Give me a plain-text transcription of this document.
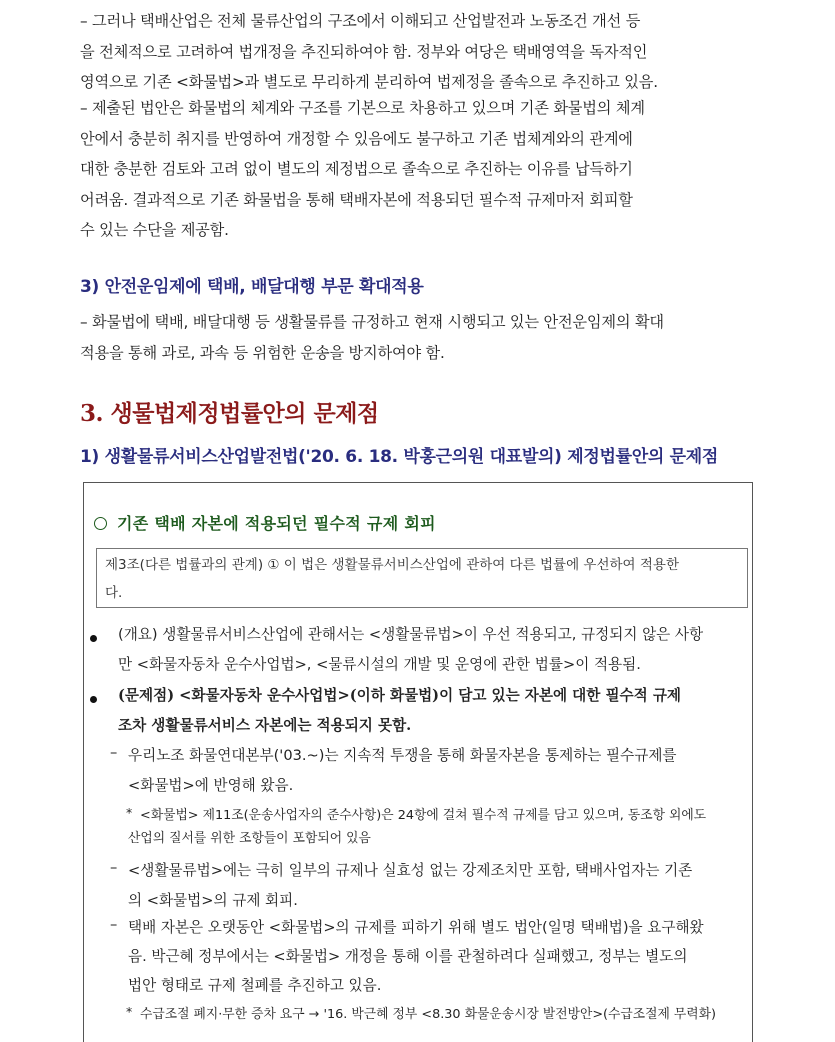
– 그러나 택배산업은 전체 물류산업의 구조에서 이해되고 산업발전과 노동조건 개선 등
을 전체적으로 고려하여 법개정을 추진되하여야 함. 정부와 여당은 택배영역을 독자적인
영역으로 기존 <화물법>과 별도로 무리하게 분리하여 법제정을 졸속으로 추진하고 있음.
– 제출된 법안은 화물법의 체계와 구조를 기본으로 차용하고 있으며 기존 화물법의 체계
안에서 충분히 취지를 반영하여 개정할 수 있음에도 불구하고 기존 법체계와의 관계에
대한 충분한 검토와 고려 없이 별도의 제정법으로 졸속으로 추진하는 이유를 납득하기
어려움. 결과적으로 기존 화물법을 통해 택배자본에 적용되던 필수적 규제마저 회피할
수 있는 수단을 제공함.
3) 안전운임제에 택배, 배달대행 부문 확대적용
– 화물법에 택배, 배달대행 등 생활물류를 규정하고 현재 시행되고 있는 안전운임제의 확대
적용을 통해 과로, 과속 등 위험한 운송을 방지하여야 함.
3. 생물법제정법률안의 문제점
1) 생활물류서비스산업발전법('20. 6. 18. 박홍근의원 대표발의) 제정법률안의 문제점
기존 택배 자본에 적용되던 필수적 규제 회피
제3조(다른 법률과의 관계) ① 이 법은 생활물류서비스산업에 관하여 다른 법률에 우선하여 적용한
다.
(개요) 생활물류서비스산업에 관해서는 <생활물류법>이 우선 적용되고, 규정되지 않은 사항
만 <화물자동차 운수사업법>, <물류시설의 개발 및 운영에 관한 법률>이 적용됨.
(문제점) <화물자동차 운수사업법>(이하 화물법)이 담고 있는 자본에 대한 필수적 규제
조차 생활물류서비스 자본에는 적용되지 못함.
– 우리노조 화물연대본부('03.~)는 지속적 투쟁을 통해 화물자본을 통제하는 필수규제를
<화물법>에 반영해 왔음.
* <화물법> 제11조(운송사업자의 준수사항)은 24항에 걸쳐 필수적 규제를 담고 있으며, 동조항 외에도
산업의 질서를 위한 조항들이 포함되어 있음
– <생활물류법>에는 극히 일부의 규제나 실효성 없는 강제조치만 포함, 택배사업자는 기존
의 <화물법>의 규제 회피.
– 택배 자본은 오랫동안 <화물법>의 규제를 피하기 위해 별도 법안(일명 택배법)을 요구해왔
음. 박근혜 정부에서는 <화물법> 개정을 통해 이를 관철하려다 실패했고, 정부는 별도의
법안 형태로 규제 철폐를 추진하고 있음.
* 수급조절 폐지·무한 증차 요구 → '16. 박근혜 정부 <8.30 화물운송시장 발전방안>(수급조절제 무력화)
